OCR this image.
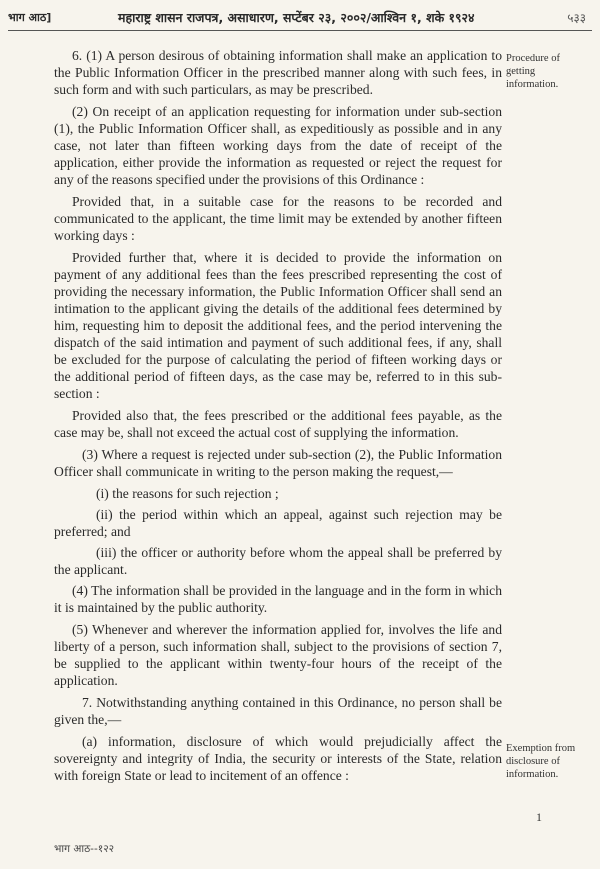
भाग आठ]	महाराष्ट्र शासन राजपत्र, असाधारण, सप्टेंबर २३, २००२/आश्विन १, शके १९२४	५३३

6. (1) A person desirous of obtaining information shall make an application to the Public Information Officer in the prescribed manner along with such fees, in such form and with such particulars, as may be prescribed.

(2) On receipt of an application requesting for information under sub-section (1), the Public Information Officer shall, as expeditiously as possible and in any case, not later than fifteen working days from the date of receipt of the application, either provide the information as requested or reject the request for any of the reasons specified under the provisions of this Ordinance :

Provided that, in a suitable case for the reasons to be recorded and communicated to the applicant, the time limit may be extended by another fifteen working days :

Provided further that, where it is decided to provide the information on payment of any additional fees than the fees prescribed representing the cost of providing the necessary information, the Public Information Officer shall send an intimation to the applicant giving the details of the additional fees determined by him, requesting him to deposit the additional fees, and the period intervening the dispatch of the said intimation and payment of such additional fees, if any, shall be excluded for the purpose of calculating the period of fifteen working days or the additional period of fifteen days, as the case may be, referred to in this sub-section :

Provided also that, the fees prescribed or the additional fees payable, as the case may be, shall not exceed the actual cost of supplying the information.

(3) Where a request is rejected under sub-section (2), the Public Information Officer shall communicate in writing to the person making the request,—

(i) the reasons for such rejection ;

(ii) the period within which an appeal, against such rejection may be preferred; and

(iii) the officer or authority before whom the appeal shall be preferred by the applicant.

(4) The information shall be provided in the language and in the form in which it is maintained by the public authority.

(5) Whenever and wherever the information applied for, involves the life and liberty of a person, such information shall, subject to the provisions of section 7, be supplied to the applicant within twenty-four hours of the receipt of the application.

7. Notwithstanding anything contained in this Ordinance, no person shall be given the,—

(a) information, disclosure of which would prejudicially affect the sovereignty and integrity of India, the security or interests of the State, relation with foreign State or lead to incitement of an offence :

Procedure of getting information.
Exemption from disclosure of information.
1
भाग आठ--१२२
